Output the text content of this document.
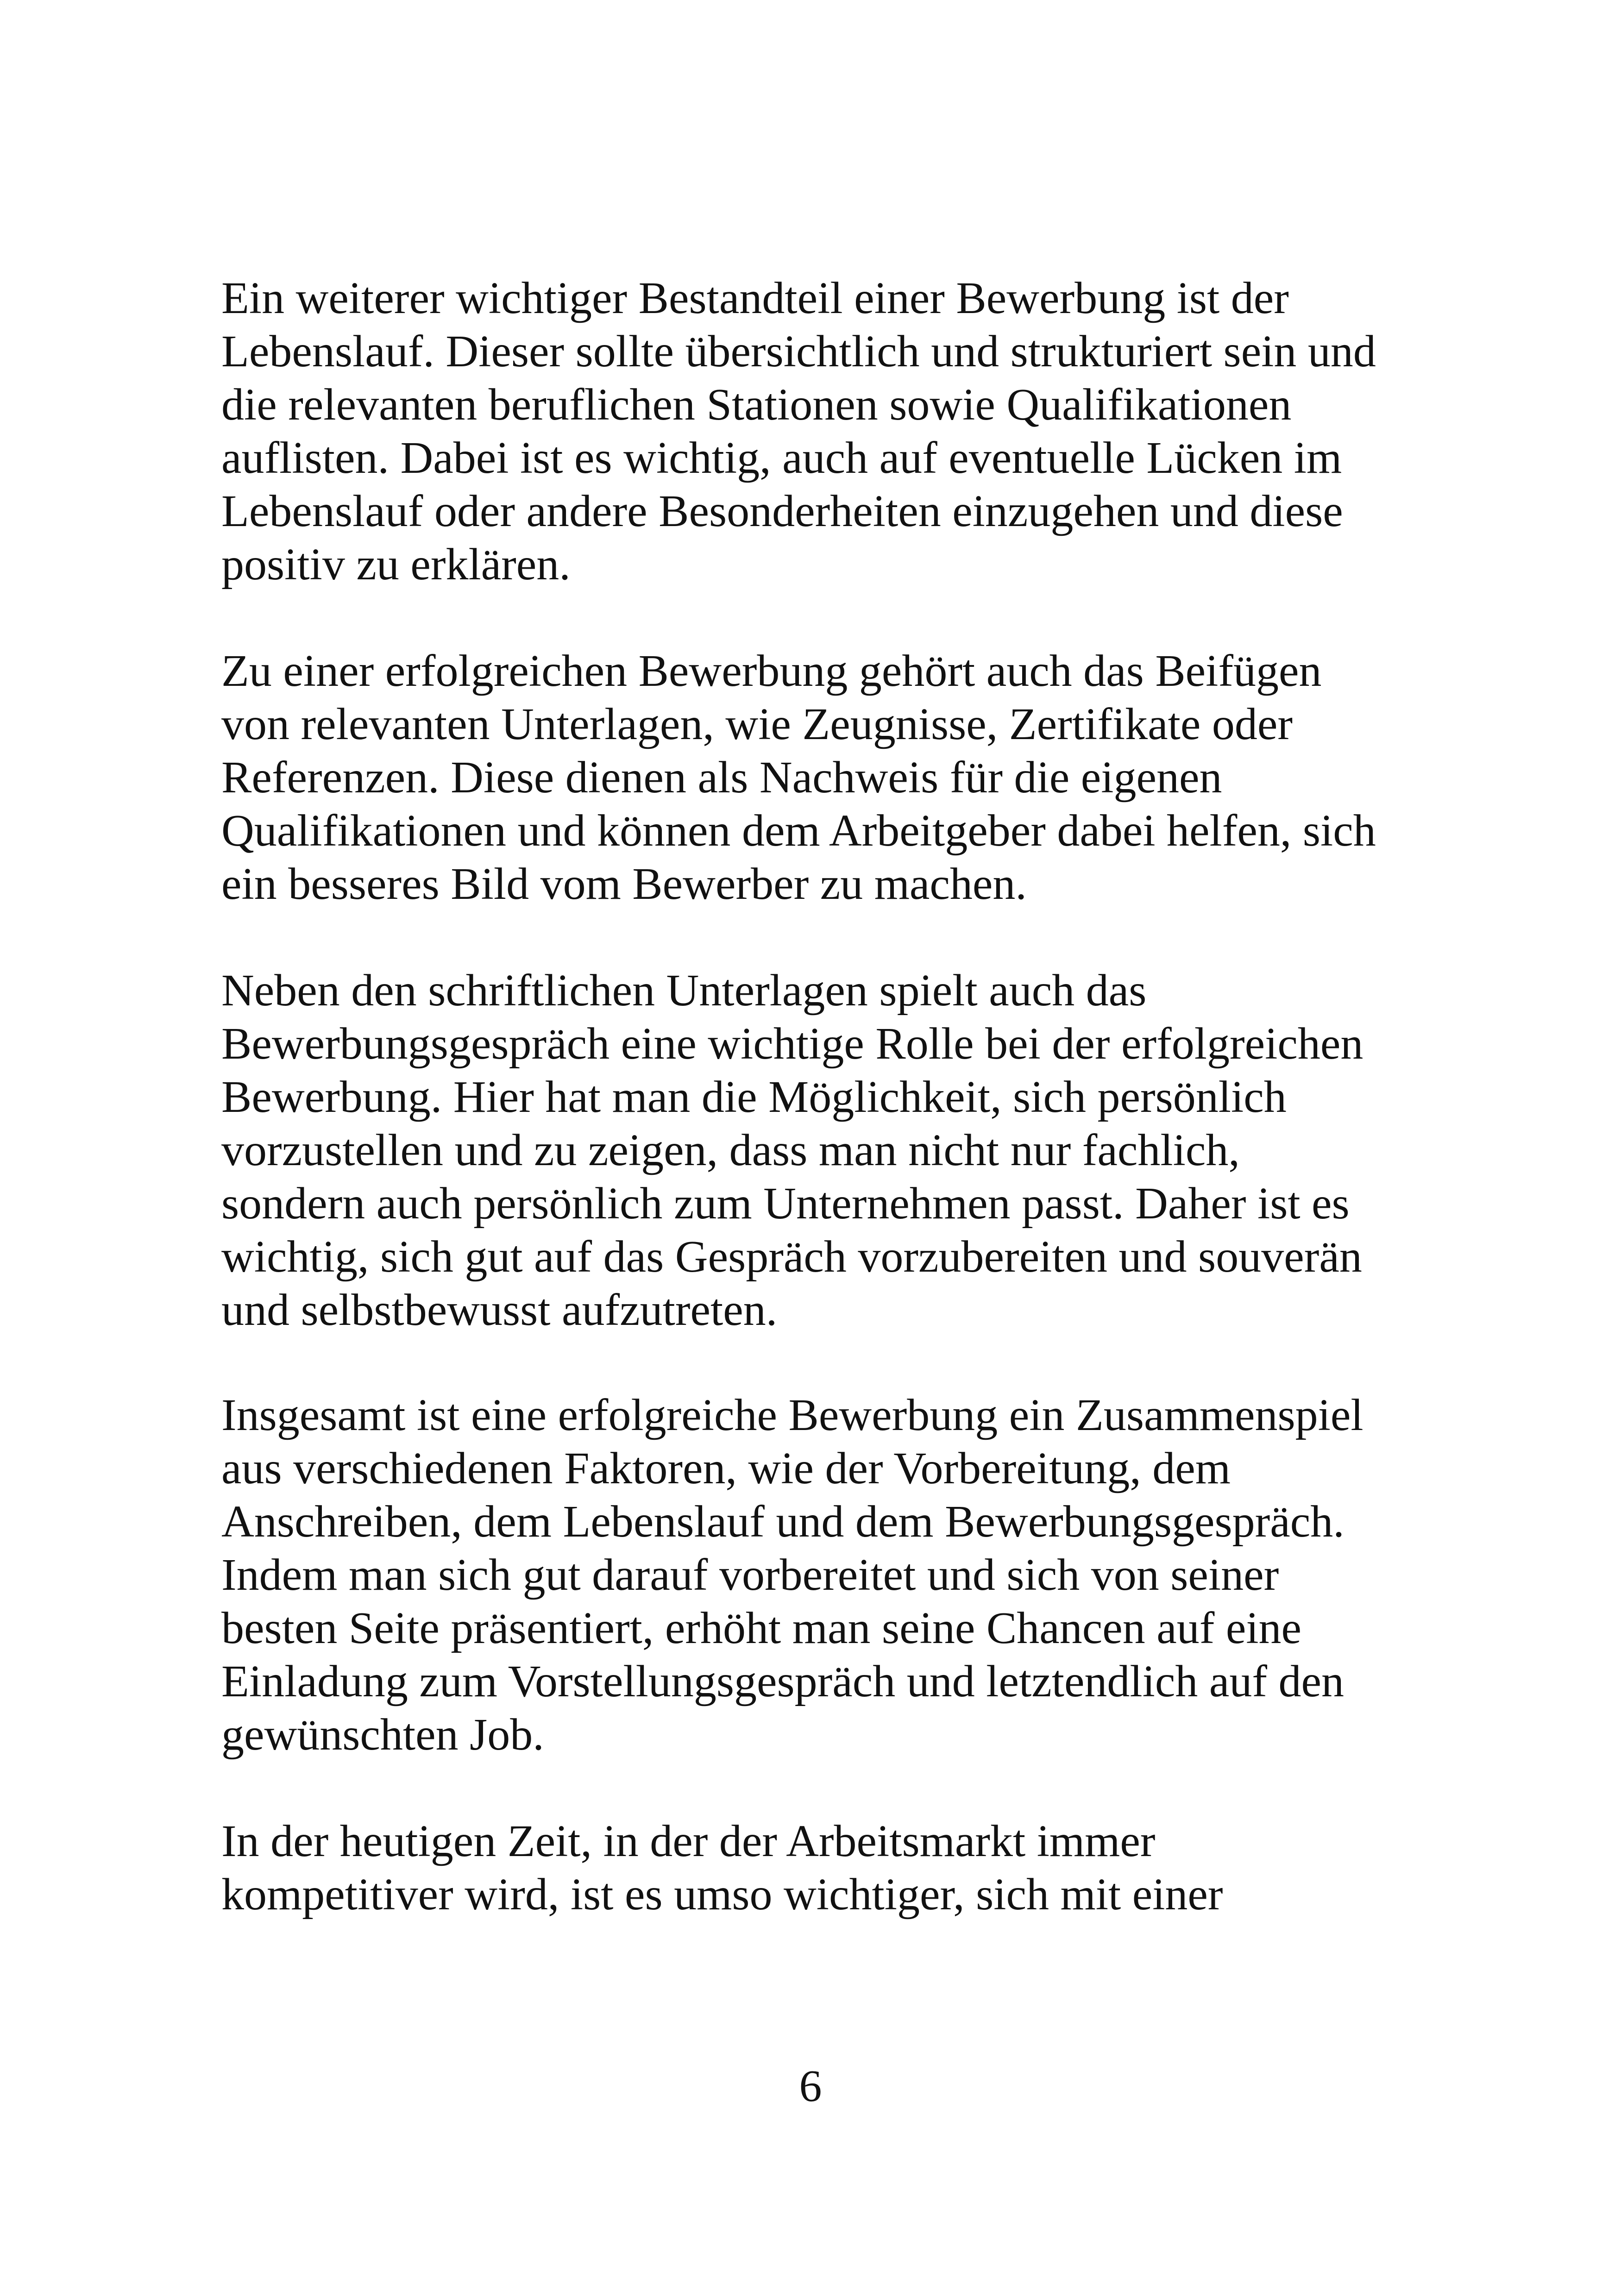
Ein weiterer wichtiger Bestandteil einer Bewerbung ist der
Lebenslauf. Dieser sollte übersichtlich und strukturiert sein und
die relevanten beruflichen Stationen sowie Qualifikationen
auflisten. Dabei ist es wichtig, auch auf eventuelle Lücken im
Lebenslauf oder andere Besonderheiten einzugehen und diese
positiv zu erklären.

Zu einer erfolgreichen Bewerbung gehört auch das Beifügen
von relevanten Unterlagen, wie Zeugnisse, Zertifikate oder
Referenzen. Diese dienen als Nachweis für die eigenen
Qualifikationen und können dem Arbeitgeber dabei helfen, sich
ein besseres Bild vom Bewerber zu machen.

Neben den schriftlichen Unterlagen spielt auch das
Bewerbungsgespräch eine wichtige Rolle bei der erfolgreichen
Bewerbung. Hier hat man die Möglichkeit, sich persönlich
vorzustellen und zu zeigen, dass man nicht nur fachlich,
sondern auch persönlich zum Unternehmen passt. Daher ist es
wichtig, sich gut auf das Gespräch vorzubereiten und souverän
und selbstbewusst aufzutreten.

Insgesamt ist eine erfolgreiche Bewerbung ein Zusammenspiel
aus verschiedenen Faktoren, wie der Vorbereitung, dem
Anschreiben, dem Lebenslauf und dem Bewerbungsgespräch.
Indem man sich gut darauf vorbereitet und sich von seiner
besten Seite präsentiert, erhöht man seine Chancen auf eine
Einladung zum Vorstellungsgespräch und letztendlich auf den
gewünschten Job.

In der heutigen Zeit, in der der Arbeitsmarkt immer
kompetitiver wird, ist es umso wichtiger, sich mit einer

6
